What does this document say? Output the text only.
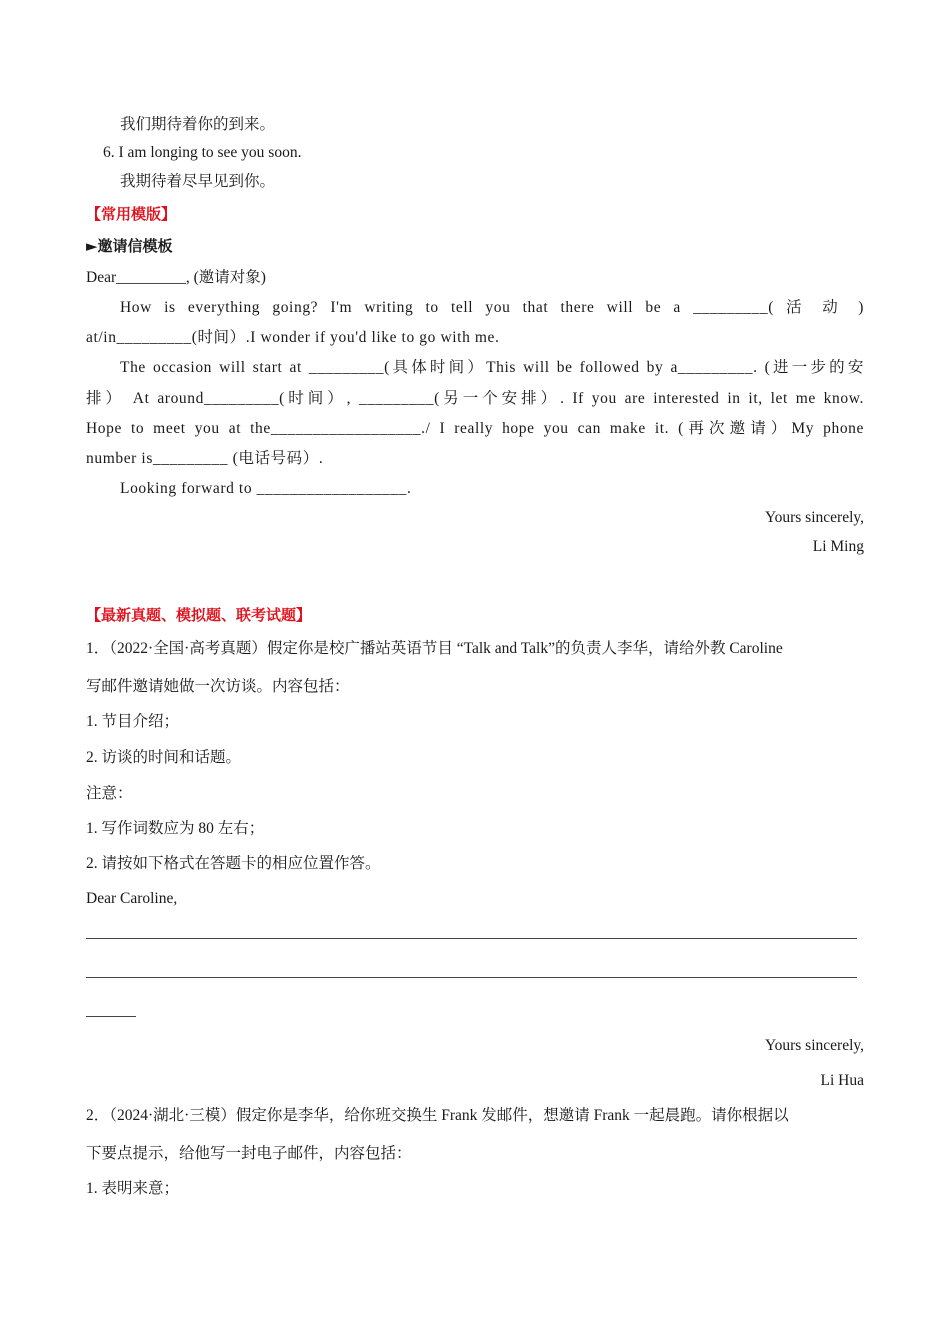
我们期待着你的到来。
6. I am longing to see you soon.
我期待着尽早见到你。
【常用模版】
►邀请信模板
Dear_________, (邀请对象)
How is everything going? I'm writing to tell you that there will be a _________( 活 动 )
at/in_________(时间）.I wonder if you'd like to go with me.
The occasion will start at _________(具体时间）This will be followed by a_________. (进一步的安
排） At around_________(时间）, _________(另一个安排）. If you are interested in it, let me know.
Hope to meet you at the__________________./ I really hope you can make it. (再次邀请）My phone
number is_________ (电话号码）.
Looking forward to __________________.
Yours sincerely,
Li Ming
【最新真题、模拟题、联考试题】
1．（2022·全国·高考真题）假定你是校广播站英语节目 “Talk and Talk”的负责人李华，请给外教 Caroline
写邮件邀请她做一次访谈。内容包括：
1. 节目介绍；
2. 访谈的时间和话题。
注意：
1. 写作词数应为 80 左右；
2. 请按如下格式在答题卡的相应位置作答。
Dear Caroline,
Yours sincerely,
Li Hua
2．（2024·湖北·三模）假定你是李华，给你班交换生 Frank 发邮件，想邀请 Frank 一起晨跑。请你根据以
下要点提示，给他写一封电子邮件，内容包括：
1. 表明来意；
